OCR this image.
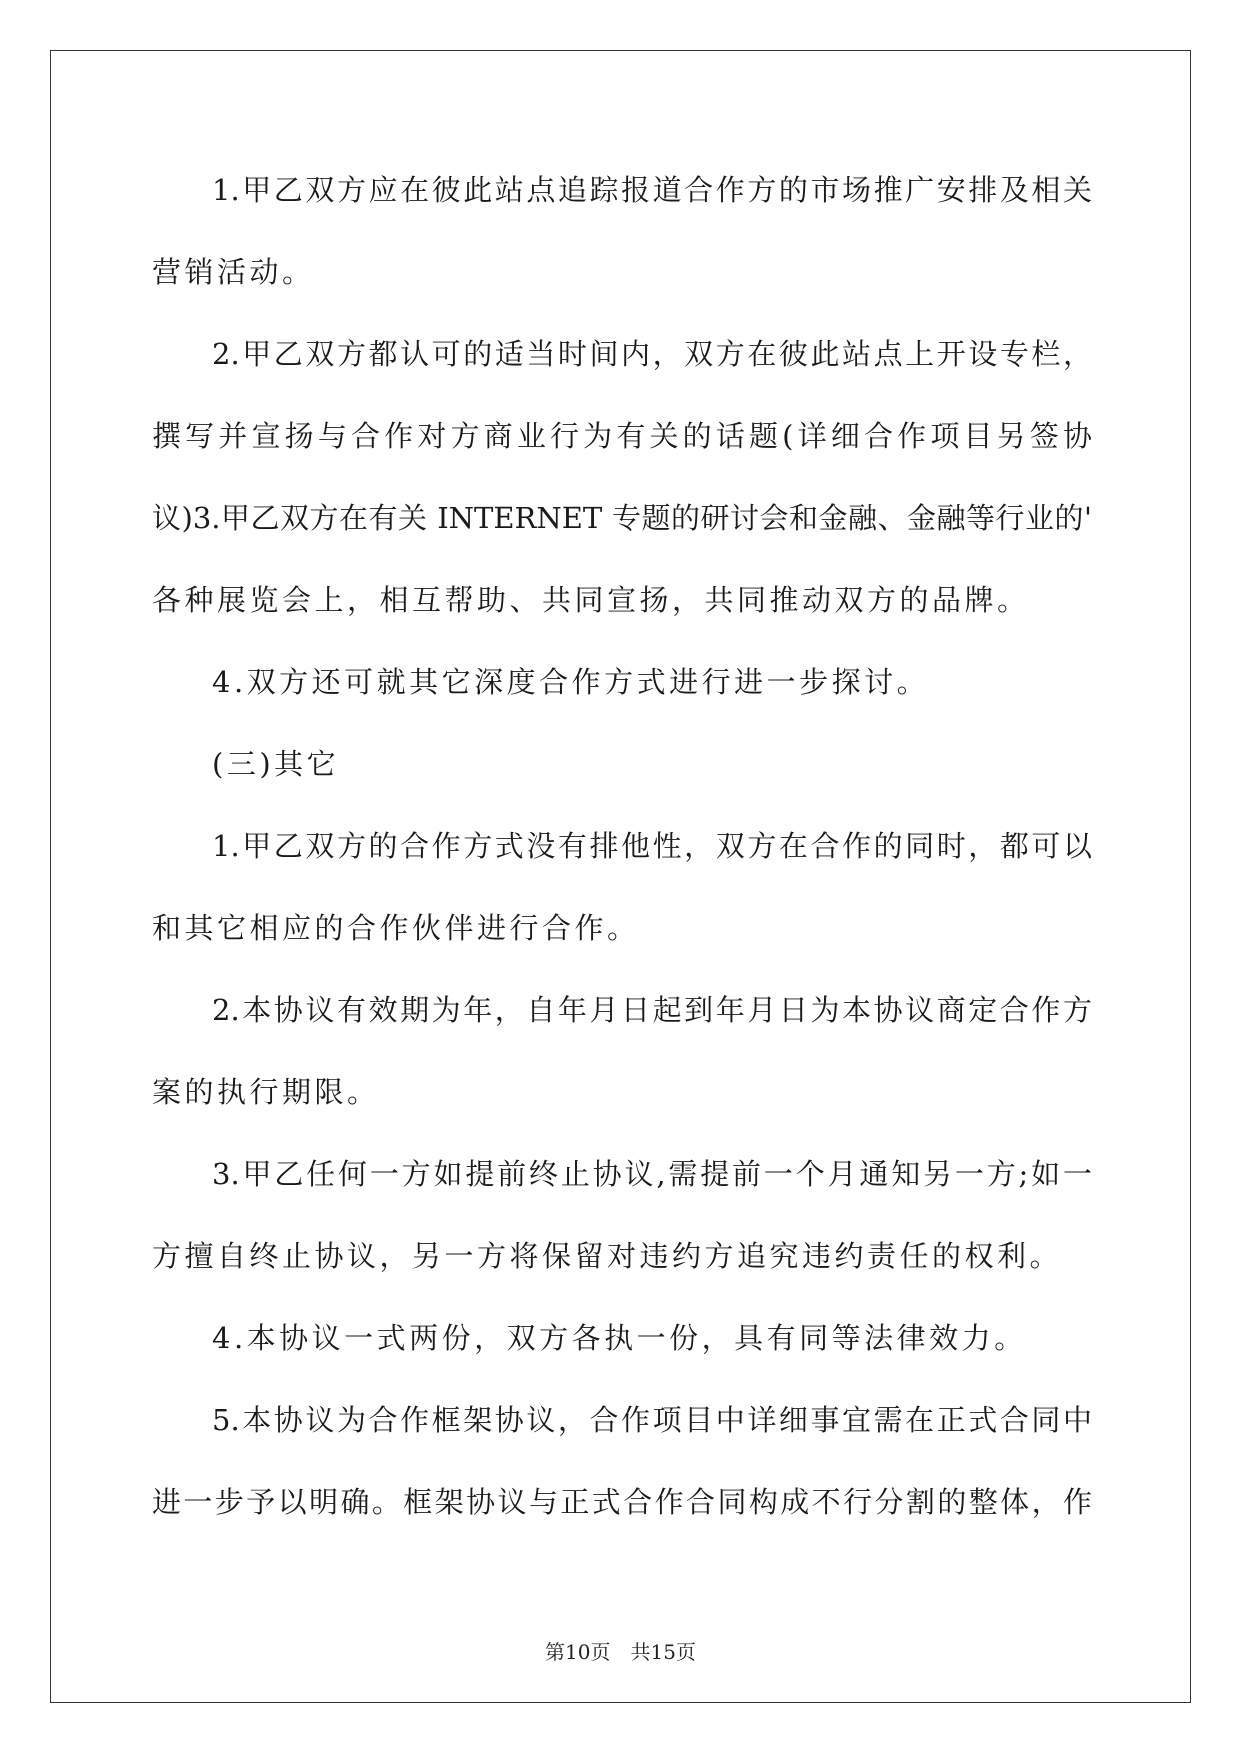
1.甲乙双方应在彼此站点追踪报道合作方的市场推广安排及相关
营销活动。
2.甲乙双方都认可的适当时间内，双方在彼此站点上开设专栏，
撰写并宣扬与合作对方商业行为有关的话题(详细合作项目另签协
议)3.甲乙双方在有关 INTERNET 专题的研讨会和金融、金融等行业的'
各种展览会上，相互帮助、共同宣扬，共同推动双方的品牌。
4.双方还可就其它深度合作方式进行进一步探讨。
(三)其它
1.甲乙双方的合作方式没有排他性，双方在合作的同时，都可以
和其它相应的合作伙伴进行合作。
2.本协议有效期为年，自年月日起到年月日为本协议商定合作方
案的执行期限。
3.甲乙任何一方如提前终止协议,需提前一个月通知另一方;如一
方擅自终止协议，另一方将保留对违约方追究违约责任的权利。
4.本协议一式两份，双方各执一份，具有同等法律效力。
5.本协议为合作框架协议，合作项目中详细事宜需在正式合同中
进一步予以明确。框架协议与正式合作合同构成不行分割的整体，作
第10页　共15页
